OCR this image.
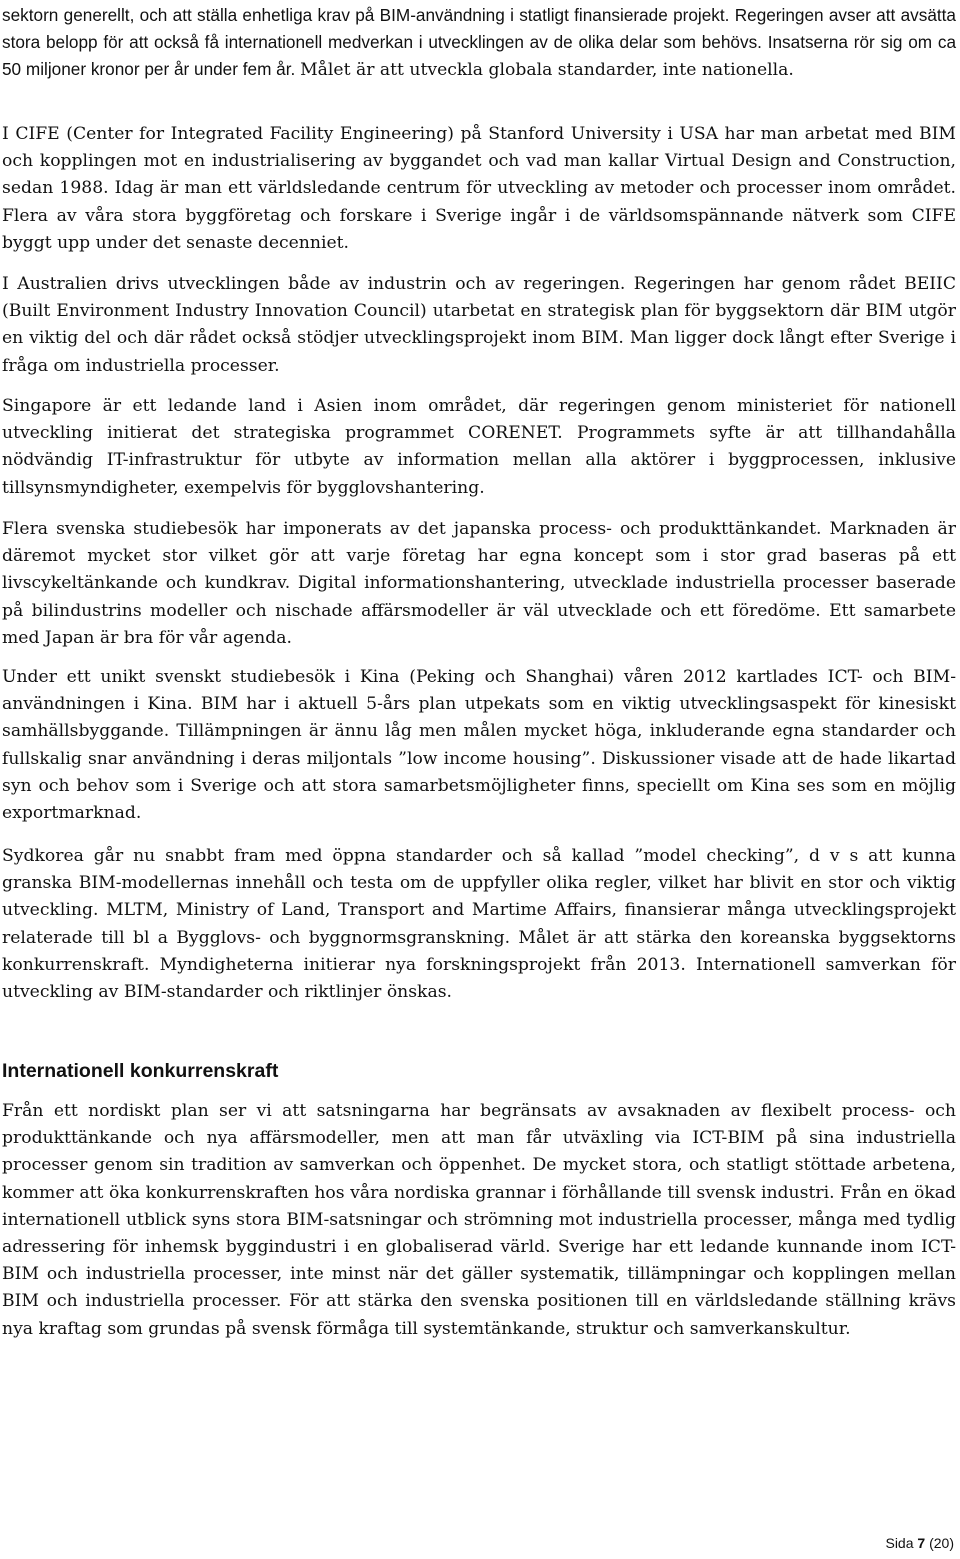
sektorn generellt, och att ställa enhetliga krav på BIM-användning i statligt finansierade projekt. Regeringen avser att avsätta stora belopp för att också få internationell medverkan i utvecklingen av de olika delar som behövs. Insatserna rör sig om ca 50 miljoner kronor per år under fem år. Målet är att utveckla globala standarder, inte nationella.

I CIFE (Center for Integrated Facility Engineering) på Stanford University i USA har man arbetat med BIM och kopplingen mot en industrialisering av byggandet och vad man kallar Virtual Design and Construction, sedan 1988. Idag är man ett världsledande centrum för utveckling av metoder och processer inom området. Flera av våra stora byggföretag och forskare i Sverige ingår i de världsomspännande nätverk som CIFE byggt upp under det senaste decenniet.

I Australien drivs utvecklingen både av industrin och av regeringen. Regeringen har genom rådet BEIIC (Built Environment Industry Innovation Council) utarbetat en strategisk plan för byggsektorn där BIM utgör en viktig del och där rådet också stödjer utvecklingsprojekt inom BIM. Man ligger dock långt efter Sverige i fråga om industriella processer.

Singapore är ett ledande land i Asien inom området, där regeringen genom ministeriet för nationell utveckling initierat det strategiska programmet CORENET. Programmets syfte är att tillhandahålla nödvändig IT-infrastruktur för utbyte av information mellan alla aktörer i byggprocessen, inklusive tillsynsmyndigheter, exempelvis för bygglovshantering.

Flera svenska studiebesök har imponerats av det japanska process- och produkttänkandet. Marknaden är däremot mycket stor vilket gör att varje företag har egna koncept som i stor grad baseras på ett livscykeltänkande och kundkrav. Digital informationshantering, utvecklade industriella processer baserade på bilindustrins modeller och nischade affärsmodeller är väl utvecklade och ett föredöme. Ett samarbete med Japan är bra för vår agenda.

Under ett unikt svenskt studiebesök i Kina (Peking och Shanghai) våren 2012 kartlades ICT- och BIM-användningen i Kina. BIM har i aktuell 5-års plan utpekats som en viktig utvecklingsaspekt för kinesiskt samhällsbyggande. Tillämpningen är ännu låg men målen mycket höga, inkluderande egna standarder och fullskalig snar användning i deras miljontals ”low income housing”. Diskussioner visade att de hade likartad syn och behov som i Sverige och att stora samarbetsmöjligheter finns, speciellt om Kina ses som en möjlig exportmarknad.

Sydkorea går nu snabbt fram med öppna standarder och så kallad ”model checking”, d v s att kunna granska BIM-modellernas innehåll och testa om de uppfyller olika regler, vilket har blivit en stor och viktig utveckling. MLTM, Ministry of Land, Transport and Martime Affairs, finansierar många utvecklingsprojekt relaterade till bl a Bygglovs- och byggnormsgranskning. Målet är att stärka den koreanska byggsektorns konkurrenskraft. Myndigheterna initierar nya forskningsprojekt från 2013. Internationell samverkan för utveckling av BIM-standarder och riktlinjer önskas.

Internationell konkurrenskraft

Från ett nordiskt plan ser vi att satsningarna har begränsats av avsaknaden av flexibelt process- och produkttänkande och nya affärsmodeller, men att man får utväxling via ICT-BIM på sina industriella processer genom sin tradition av samverkan och öppenhet. De mycket stora, och statligt stöttade arbetena, kommer att öka konkurrenskraften hos våra nordiska grannar i förhållande till svensk industri. Från en ökad internationell utblick syns stora BIM-satsningar och strömning mot industriella processer, många med tydlig adressering för inhemsk byggindustri i en globaliserad värld. Sverige har ett ledande kunnande inom ICT-BIM och industriella processer, inte minst när det gäller systematik, tillämpningar och kopplingen mellan BIM och industriella processer. För att stärka den svenska positionen till en världsledande ställning krävs nya kraftag som grundas på svensk förmåga till systemtänkande, struktur och samverkanskultur.

Sida 7 (20)
